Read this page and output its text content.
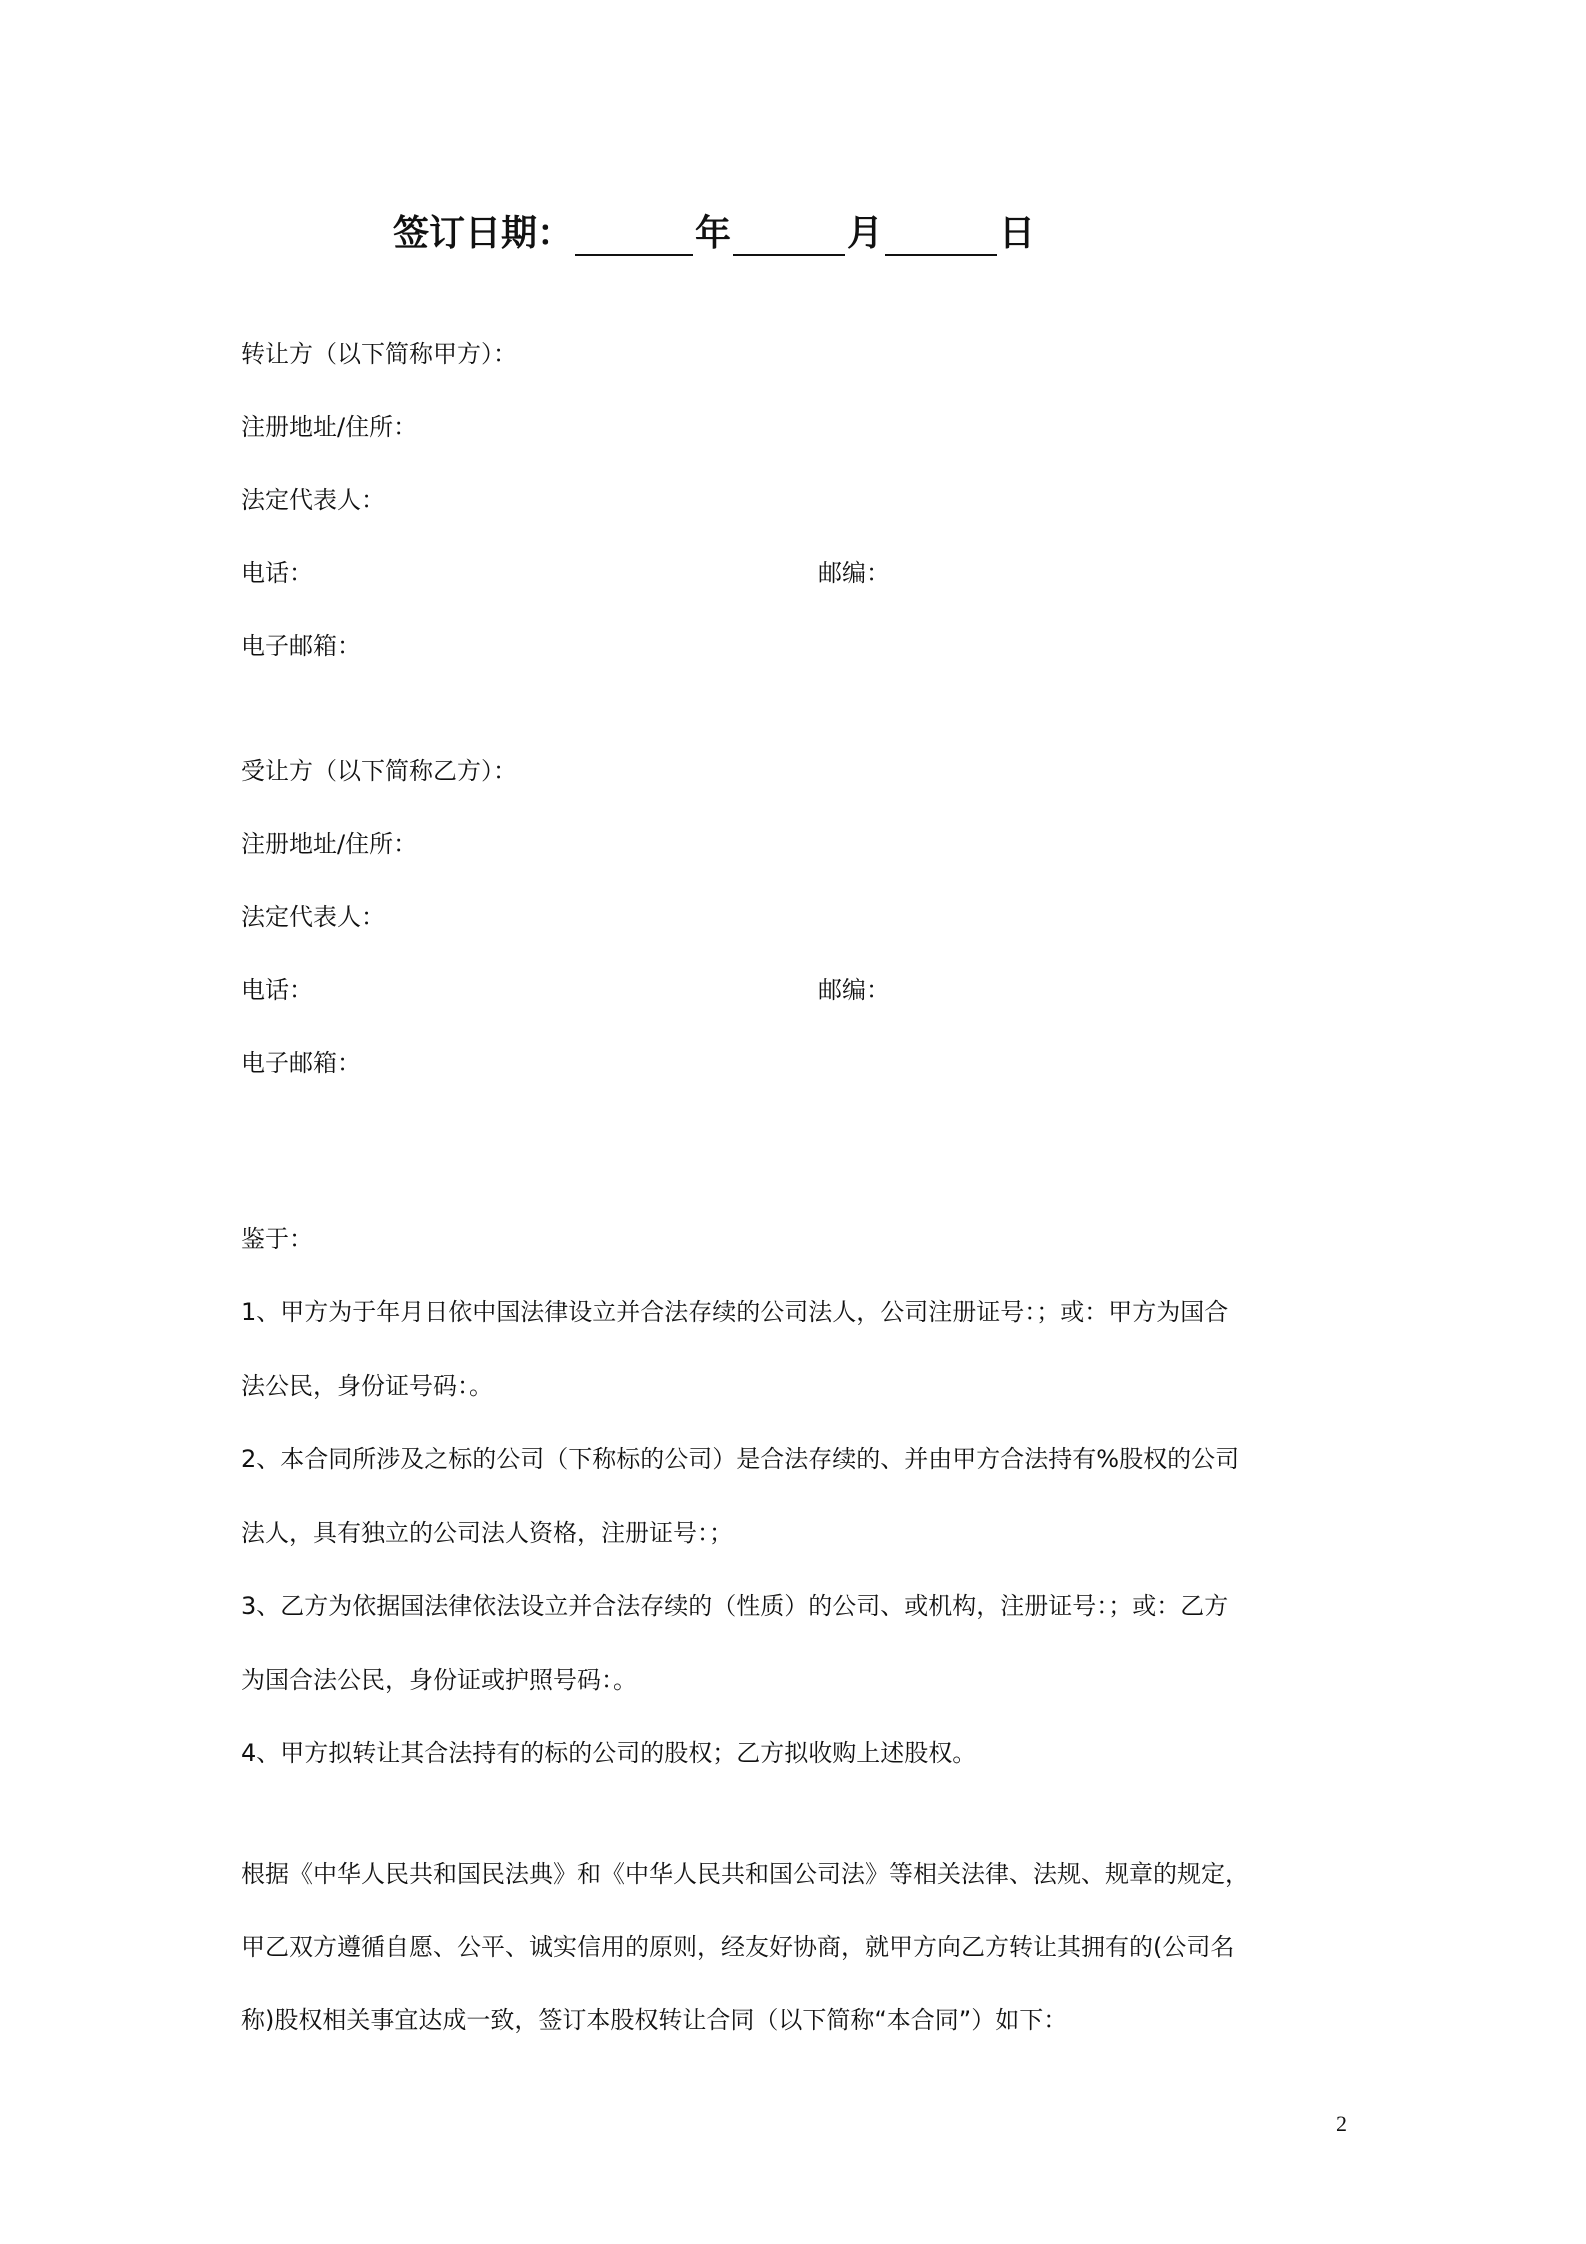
签订日期：	年	月	日
转让方（以下简称甲方）：
注册地址/住所：
法定代表人：
电话：	邮编：
电子邮箱：
受让方（以下简称乙方）：
注册地址/住所：
法定代表人：
电话：	邮编：
电子邮箱：
鉴于：
1、甲方为于年月日依中国法律设立并合法存续的公司法人，公司注册证号：；或：甲方为国合
法公民，身份证号码：。
2、本合同所涉及之标的公司（下称标的公司）是合法存续的、并由甲方合法持有%股权的公司
法人，具有独立的公司法人资格，注册证号：；
3、乙方为依据国法律依法设立并合法存续的（性质）的公司、或机构，注册证号：；或：乙方
为国合法公民，身份证或护照号码：。
4、甲方拟转让其合法持有的标的公司的股权；乙方拟收购上述股权。
根据《中华人民共和国民法典》和《中华人民共和国公司法》等相关法律、法规、规章的规定，
甲乙双方遵循自愿、公平、诚实信用的原则，经友好协商，就甲方向乙方转让其拥有的(公司名
称)股权相关事宜达成一致，签订本股权转让合同（以下简称“本合同”）如下：
2
